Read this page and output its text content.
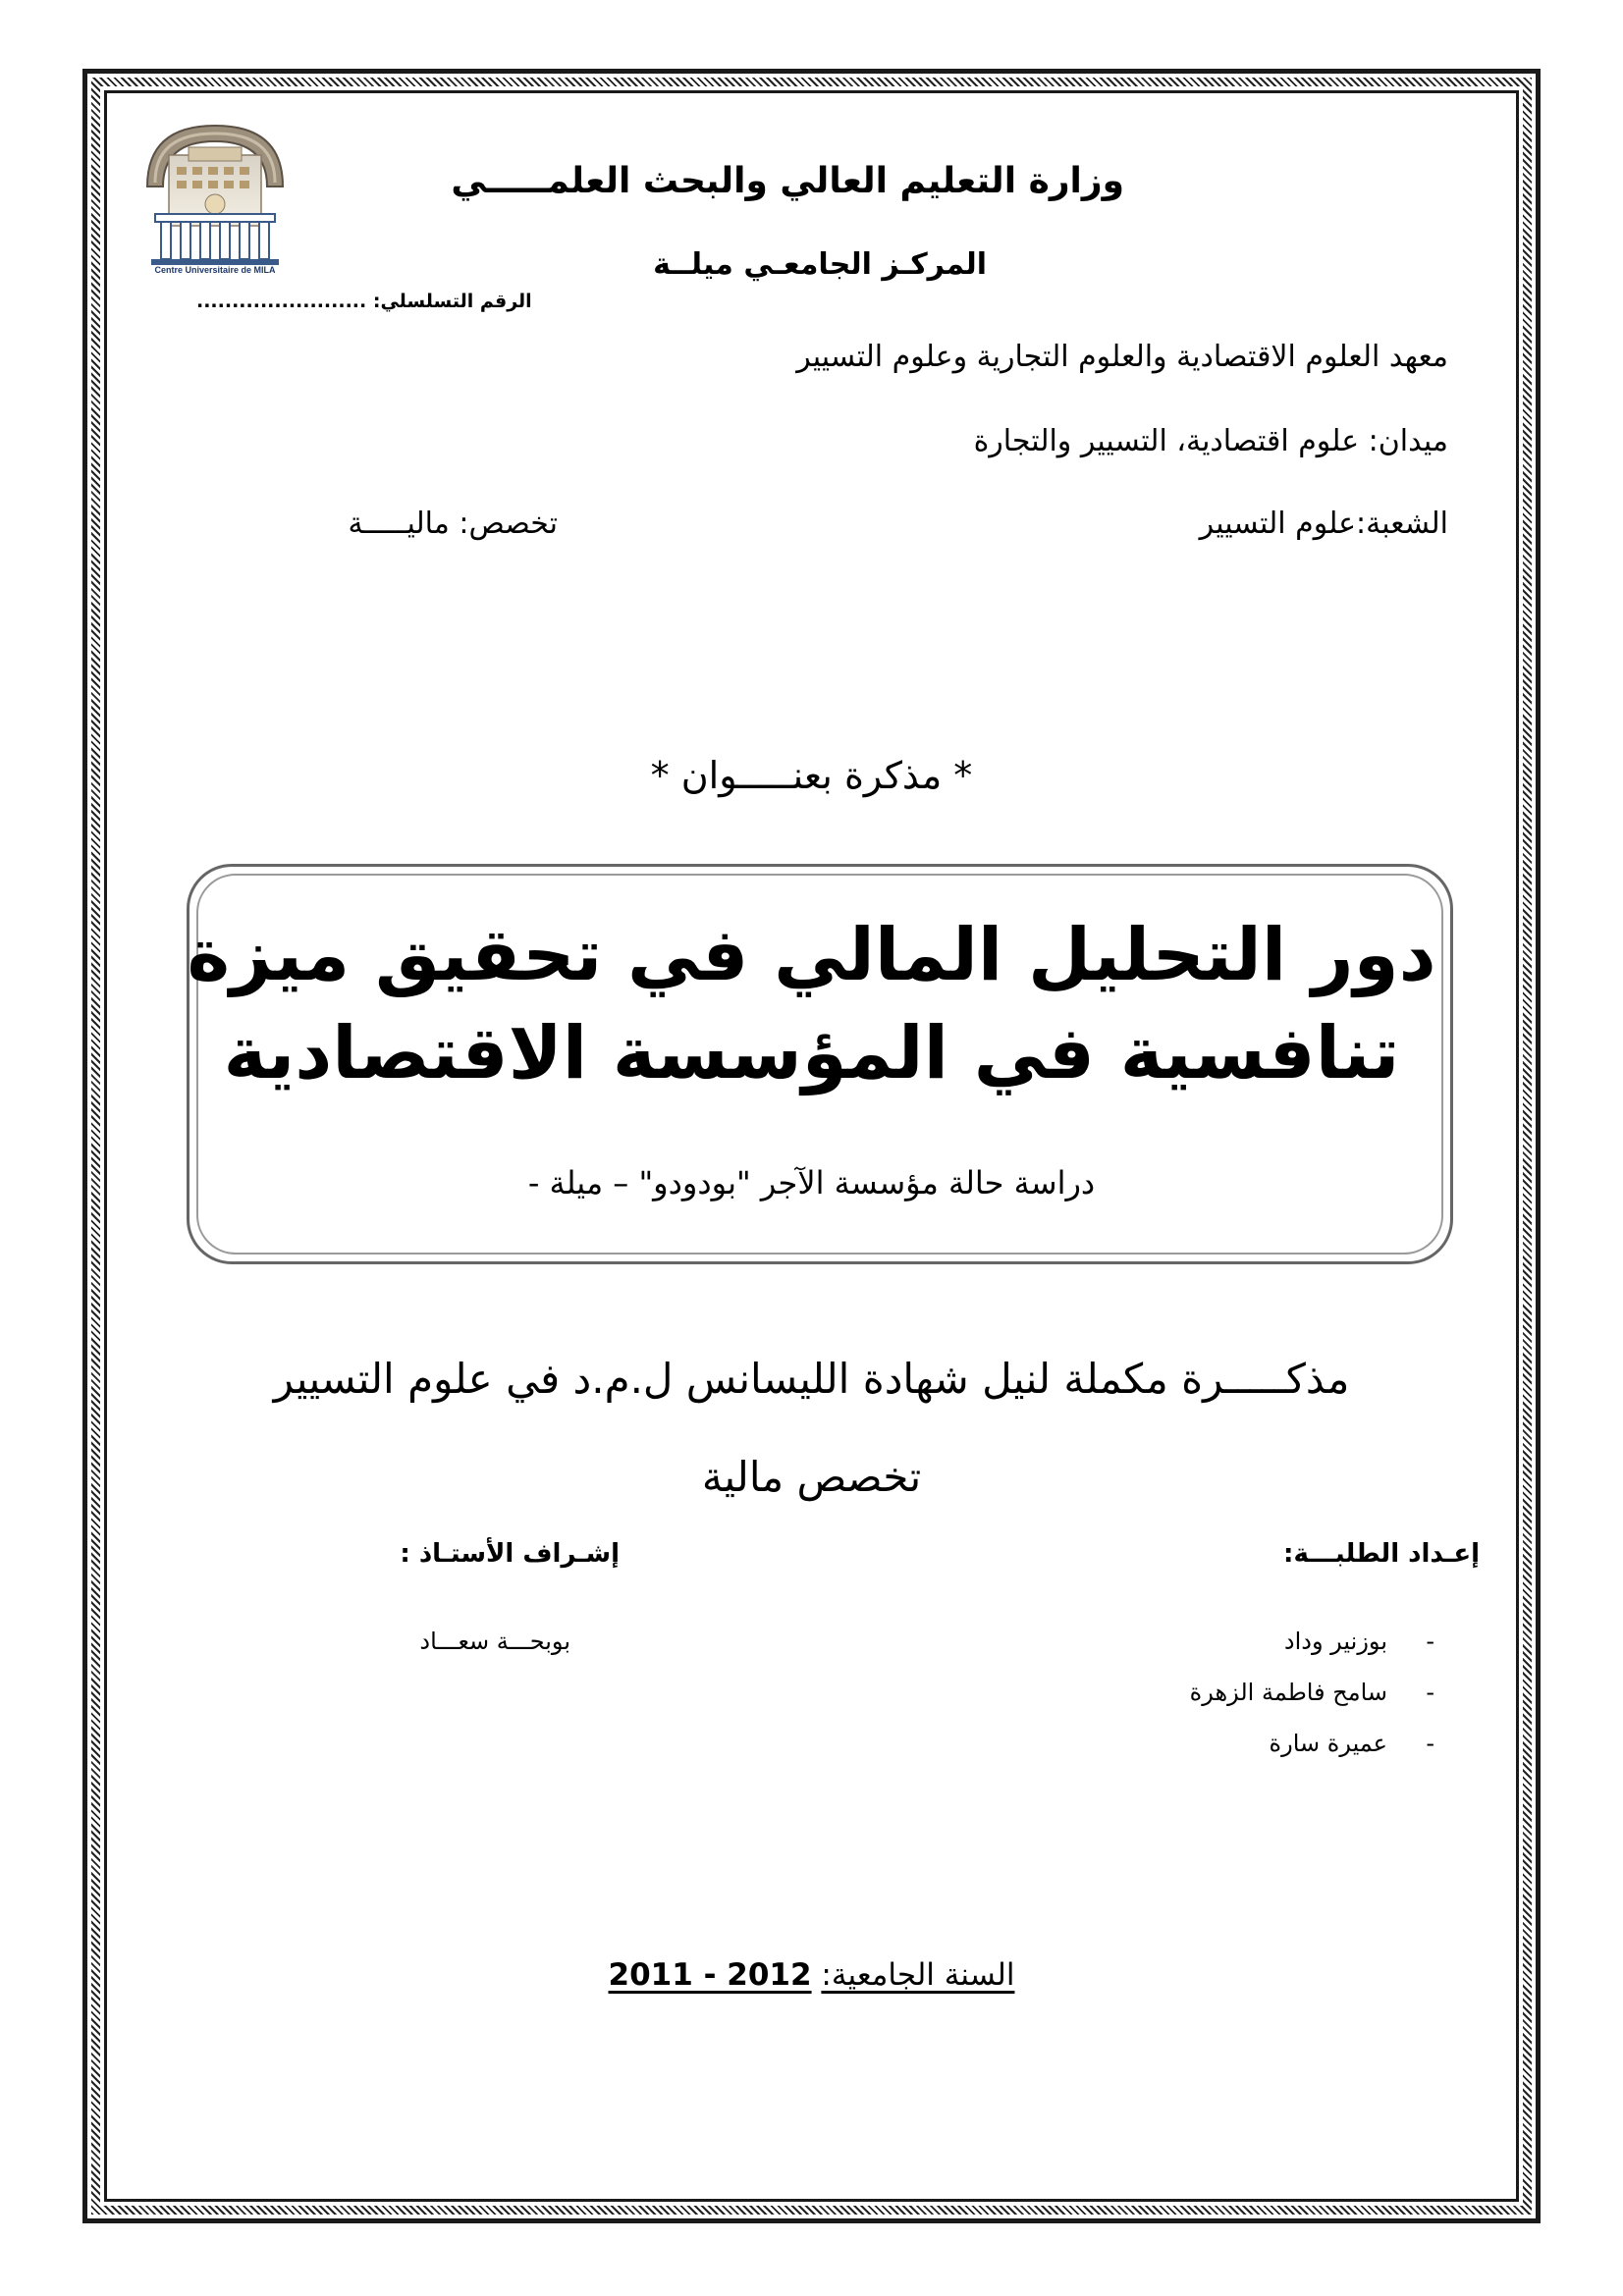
Centre Universitaire de MILA
وزارة التعليم العالي والبحث العلمـــــي
المركـز الجامعـي ميلــة
الرقم التسلسلي: ........................
معهد العلوم الاقتصادية والعلوم التجارية وعلوم التسيير
ميدان: علوم اقتصادية، التسيير والتجارة
الشعبة:علوم التسيير
تخصص: ماليـــــة
* مذكرة بعنـــــوان *
دور التحليل المالي في تحقيق ميزة
تنافسية في المؤسسة الاقتصادية
دراسة حالة مؤسسة الآجر "بودودو" – ميلة -
مذكـــــرة مكملة لنيل شهادة الليسانس ل.م.د في علوم التسيير
تخصص مالية
إعـداد الطلبـــة:
إشـراف الأستـاذ :
-بوزنير وداد
-سامح فاطمة الزهرة
-عميرة سارة
بوبحـــة سعـــاد
السنة الجامعية: 2011 - 2012
